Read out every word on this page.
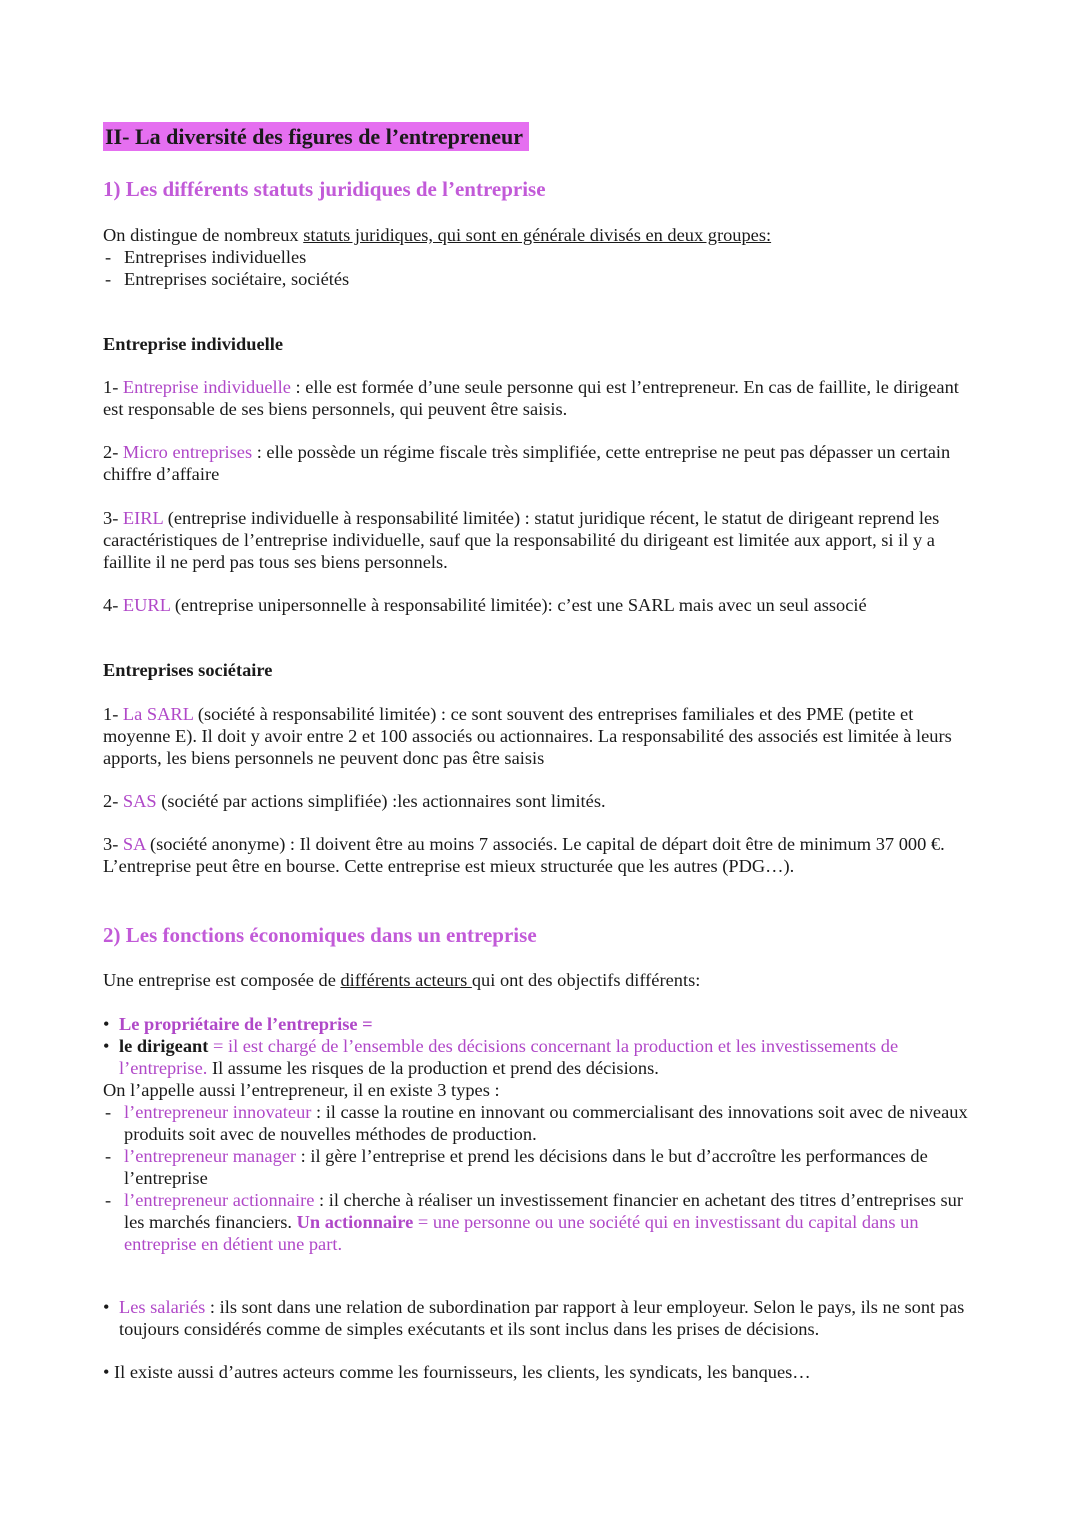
II- La diversité des figures de l’entrepreneur
1) Les différents statuts juridiques de l’entreprise

On distingue de nombreux statuts juridiques, qui sont en générale divisés en deux groupes:

- Entreprises individuelles
- Entreprises sociétaire, sociétés
Entreprise individuelle

1- Entreprise individuelle : elle est formée d’une seule personne qui est l’entrepreneur. En cas de faillite, le dirigeant est responsable de ses biens personnels, qui peuvent être saisis.

2- Micro entreprises : elle possède un régime fiscale très simplifiée, cette entreprise ne peut pas dépasser un certain chiffre d’affaire

3- EIRL (entreprise individuelle à responsabilité limitée) : statut juridique récent, le statut de dirigeant reprend les caractéristiques de l’entreprise individuelle, sauf que la responsabilité du dirigeant est limitée aux apport, si il y a faillite il ne perd pas tous ses biens personnels.

4- EURL (entreprise unipersonnelle à responsabilité limitée): c’est une SARL mais avec un seul associé

Entreprises sociétaire

1- La SARL (société à responsabilité limitée) : ce sont souvent des entreprises familiales et des PME (petite et moyenne E). Il doit y avoir entre 2 et 100 associés ou actionnaires. La responsabilité des associés est limitée à leurs apports, les biens personnels ne peuvent donc pas être saisis

2- SAS (société par actions simplifiée) :les actionnaires sont limités.

3- SA (société anonyme) : Il doivent être au moins 7 associés. Le capital de départ doit être de minimum 37 000 €. L’entreprise peut être en bourse. Cette entreprise est mieux structurée que les autres (PDG…).

2) Les fonctions économiques dans un entreprise

Une entreprise est composée de différents acteurs qui ont des objectifs différents:

• Le propriétaire de l’entreprise =
• le dirigeant = il est chargé de l’ensemble des décisions concernant la production et les investissements de l’entreprise. Il assume les risques de la production et prend des décisions.

On l’appelle aussi l’entrepreneur, il en existe 3 types :

- l’entrepreneur innovateur : il casse la routine en innovant ou commercialisant des innovations soit avec de niveaux produits soit avec de nouvelles méthodes de production.
- l’entrepreneur manager : il gère l’entreprise et prend les décisions dans le but d’accroître les performances de l’entreprise
- l’entrepreneur actionnaire : il cherche à réaliser un investissement financier en achetant des titres d’entreprises sur les marchés financiers. Un actionnaire = une personne ou une société qui en investissant du capital dans un entreprise en détient une part.
• Les salariés : ils sont dans une relation de subordination par rapport à leur employeur. Selon le pays, ils ne sont pas toujours considérés comme de simples exécutants et ils sont inclus dans les prises de décisions.

• Il existe aussi d’autres acteurs comme les fournisseurs, les clients, les syndicats, les banques…
